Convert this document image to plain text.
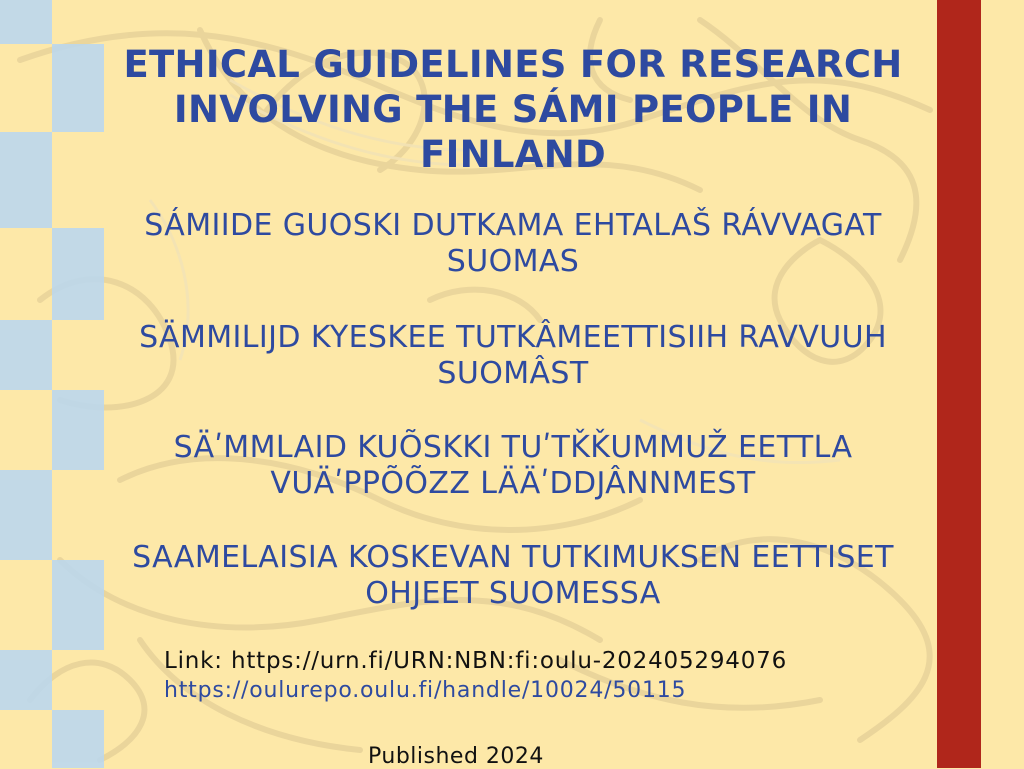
ETHICAL GUIDELINES FOR RESEARCH INVOLVING THE SÁMI PEOPLE IN FINLAND

SÁMIIDE GUOSKI DUTKAMA EHTALAŠ RÁVVAGAT SUOMAS

SÄMMILIJD KYESKEE TUTKÂMEETTISIIH RAVVUUH SUOMÂST

SÄʹMMLAID KUÕSKKI TUʹTǨǨUMMUŽ EETTLA VUÄʹPPÕÕZZ LÄÄʹDDJÂNNMEST

SAAMELAISIA KOSKEVAN TUTKIMUKSEN EETTISET OHJEET SUOMESSA

Link: https://urn.fi/URN:NBN:fi:oulu-202405294076
https://oulurepo.oulu.fi/handle/10024/50115
Published 2024
